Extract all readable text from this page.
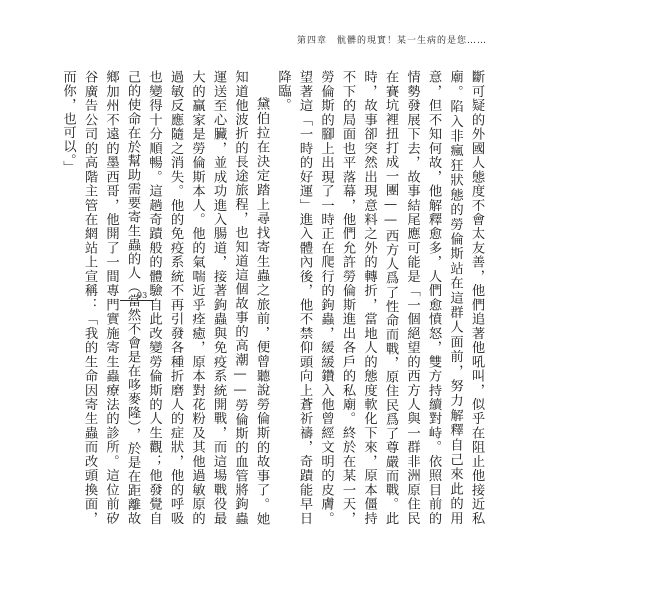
第四章　骯髒的現實！某一生病的是您……
93	斷可疑的外國人態度不會太友善，他們追著他吼叫，似乎在阻止他接近私廟。陷入非瘋狂狀態的勞倫斯站在這群人面前，努力解釋自己來此的用意，但不知何故，他解釋愈多，人們愈憤怒，雙方持續對峙。依照目前的情勢發展下去，故事結尾應可能是「一個絕望的西方人與一群非洲原住民在賽坑裡扭打成一團——西方人爲了性命而戰，原住民爲了尊嚴而戰。此時，故事卻突然出現意料之外的轉折，當地人的態度軟化下來，原本僵持不下的局面也平落幕，他們允許勞倫斯進出各戶的私廟。終於在某一天，勞倫斯的腳上出現了一時正在爬行的鉤蟲，緩緩鑽入他曾經文明的皮膚。望著這「一時的好運」進入體內後，他不禁仰頭向上蒼祈禱，奇蹟能早日降臨。

黛伯拉在決定踏上尋找寄生蟲之旅前，便曾聽說勞倫斯的故事了。她知道他波折的長途旅程，也知道這個故事的高潮——勞倫斯的血管將鉤蟲運送至心臟，並成功進入腸道，接著鉤蟲與免疫系統開戰，而這場戰役最大的贏家是勞倫斯本人。他的氣喘近乎痊癒，原本對花粉及其他過敏原的過敏反應隨之消失。他的免疫系統不再引發各種折磨人的症狀，他的呼吸也變得十分順暢。這趟奇蹟般的體驗自此改變勞倫斯的人生觀；他發覺自己的使命在於幫助需要寄生蟲的人（當然不會是在哆麥隆），於是在距離故鄉加州不遠的墨西哥，他開了一間專門實施寄生蟲療法的診所。這位前矽谷廣告公司的高階主管在網站上宣稱：「我的生命因寄生蟲而改頭換面，而你，也可以。」
